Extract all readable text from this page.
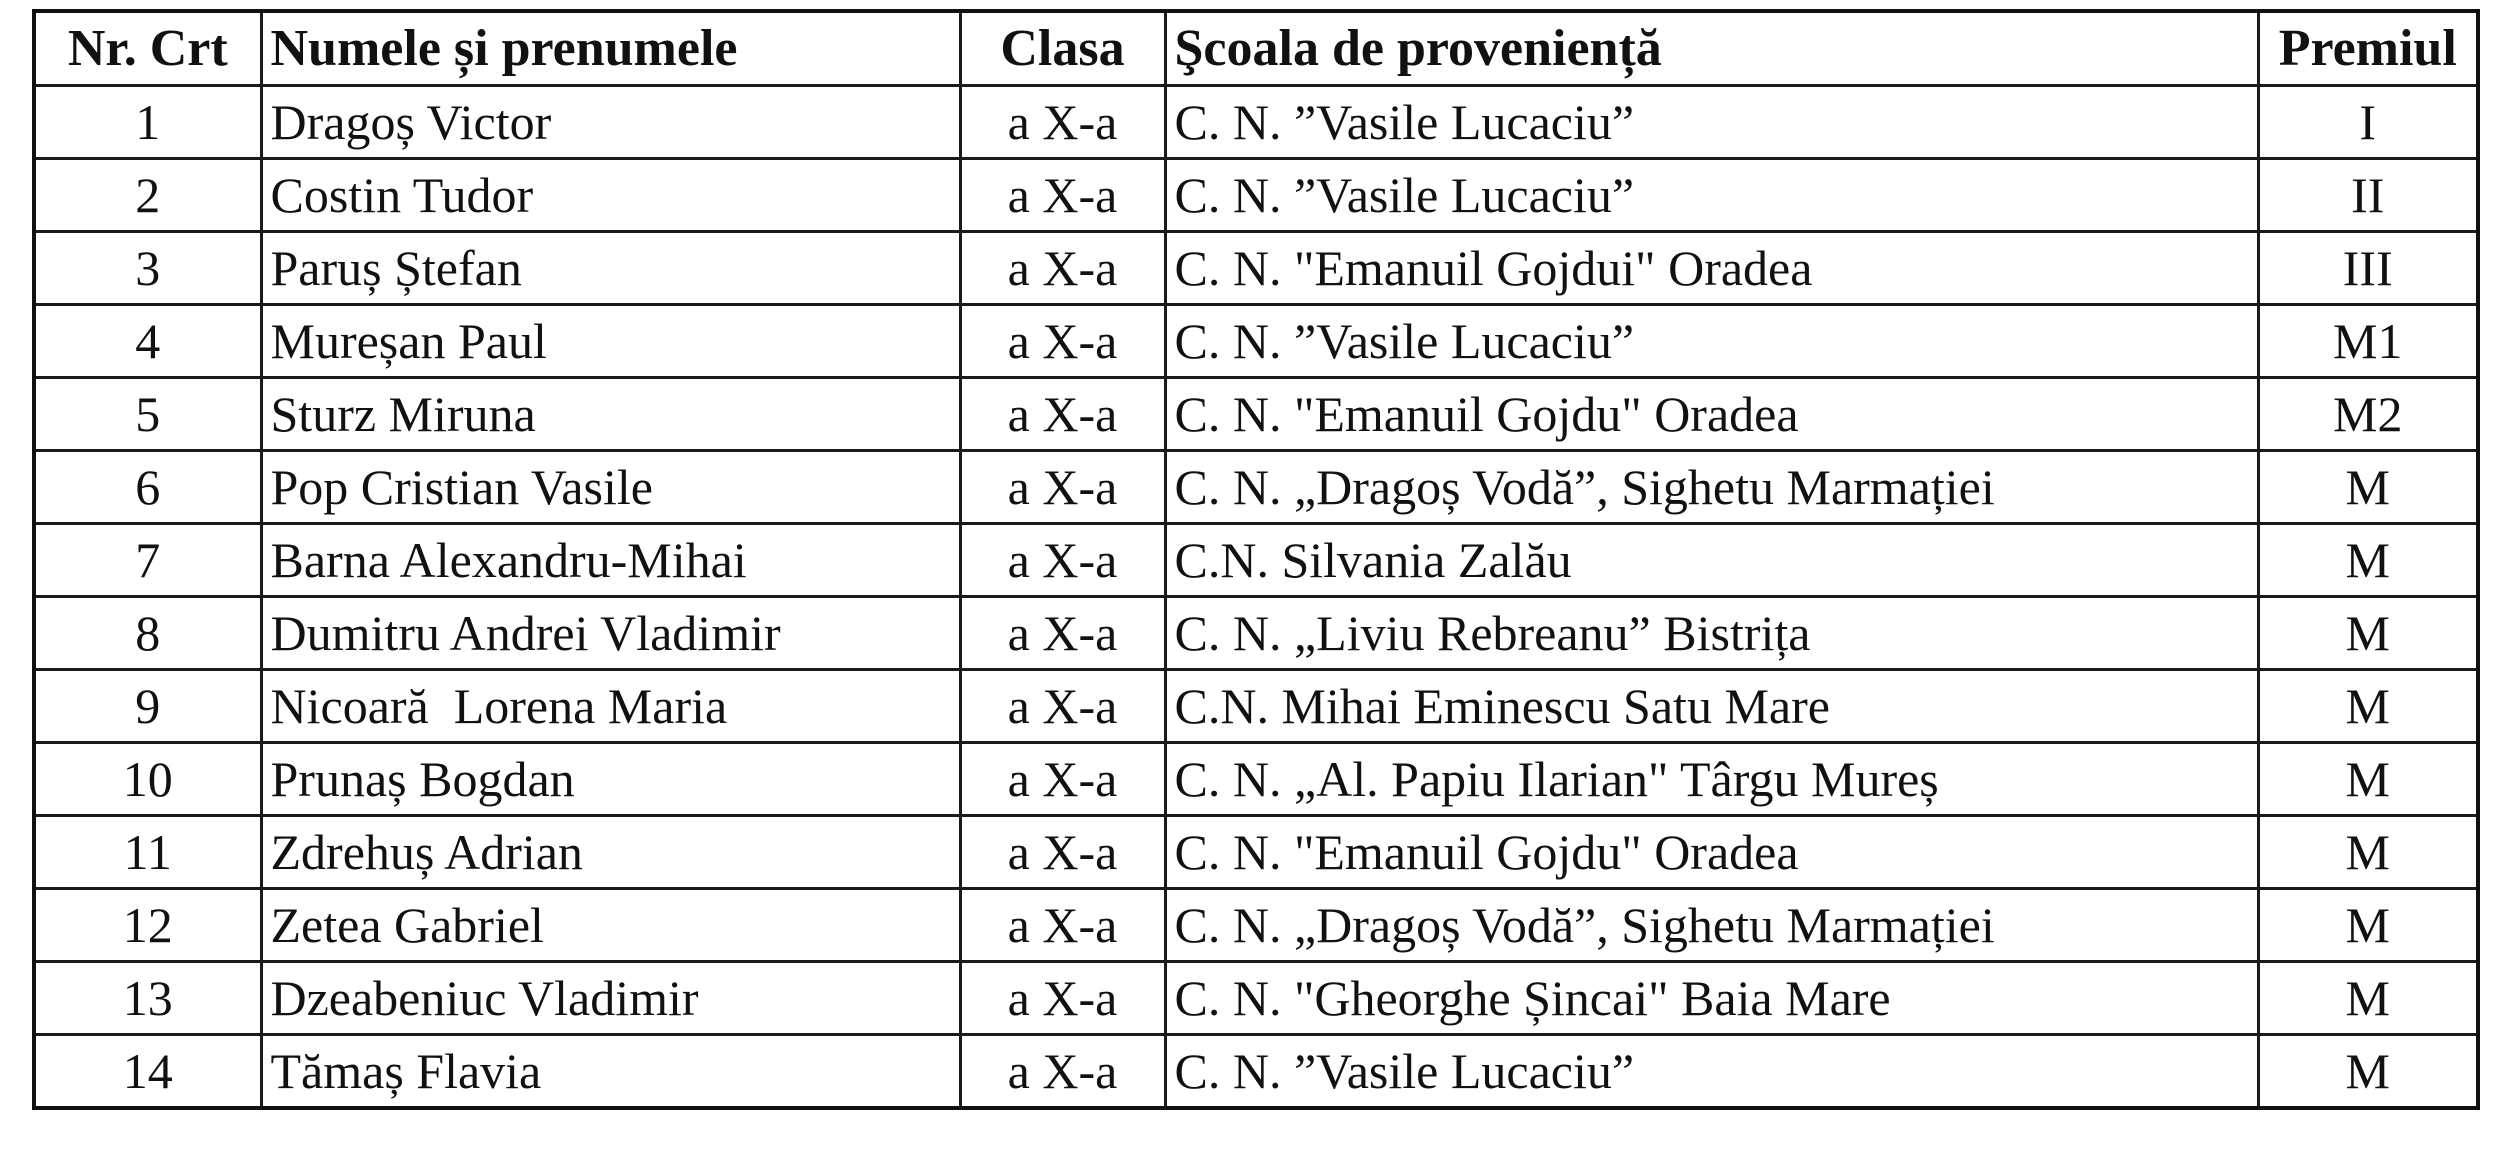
Nr. Crt	Numele și prenumele	Clasa	Şcoala de proveniență	Premiul
1	Dragoș Victor	a X-a	C. N. ”Vasile Lucaciu”	I
2	Costin Tudor	a X-a	C. N. ”Vasile Lucaciu”	II
3	Paruș Ștefan	a X-a	C. N. "Emanuil Gojdui" Oradea	III
4	Mureșan Paul	a X-a	C. N. ”Vasile Lucaciu”	M1
5	Sturz Miruna	a X-a	C. N. "Emanuil Gojdu" Oradea	M2
6	Pop Cristian Vasile	a X-a	C. N. „Dragoș Vodă”, Sighetu Marmației	M
7	Barna Alexandru-Mihai	a X-a	C.N. Silvania Zalău	M
8	Dumitru Andrei Vladimir	a X-a	C. N. „Liviu Rebreanu” Bistrița	M
9	Nicoară  Lorena Maria	a X-a	C.N. Mihai Eminescu Satu Mare	M
10	Prunaș Bogdan	a X-a	C. N. „Al. Papiu Ilarian" Târgu Mureș	M
11	Zdrehuș Adrian	a X-a	C. N. "Emanuil Gojdu" Oradea	M
12	Zetea Gabriel	a X-a	C. N. „Dragoș Vodă”, Sighetu Marmației	M
13	Dzeabeniuc Vladimir	a X-a	C. N. "Gheorghe Șincai" Baia Mare	M
14	Tămaș Flavia	a X-a	C. N. ”Vasile Lucaciu”	M
